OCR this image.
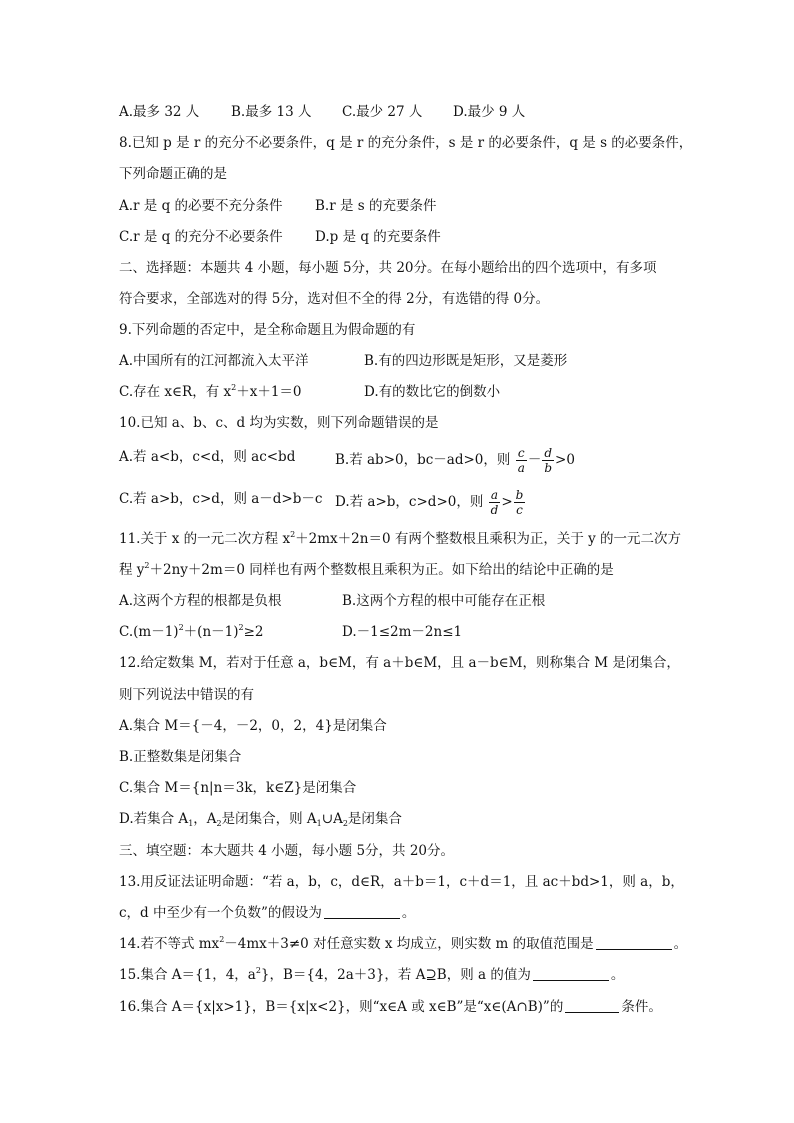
A.最多 32 人 B.最多 13 人 C.最少 27 人 D.最少 9 人
8.已知 p 是 r 的充分不必要条件，q 是 r 的充分条件，s 是 r 的必要条件，q 是 s 的必要条件，
下列命题正确的是
A.r 是 q 的必要不充分条件 B.r 是 s 的充要条件
C.r 是 q 的充分不必要条件 D.p 是 q 的充要条件
二、选择题：本题共 4 小题，每小题 5分，共 20分。在每小题给出的四个选项中，有多项
符合要求，全部选对的得 5分，选对但不全的得 2分，有选错的得 0分。
9.下列命题的否定中，是全称命题且为假命题的有
A.中国所有的江河都流入太平洋	B.有的四边形既是矩形，又是菱形
C.存在 x∈R，有 $x^2+x+1=0$	D.有的数比它的倒数小
10.已知 a、b、c、d 均为实数，则下列命题错误的是
A.若 a<b，c<d，则 ac<bd	B.若 ab>0，bc－ad>0，则 $\frac{c}{a} - \frac{d}{b} >0$
C.若 a>b，c>d，则 a－d>b－c D.若 a>b，c>d>0，则 $\frac{a}{d} > \frac{b}{c}$
11.关于 x 的一元二次方程 $x^2+2mx+2n=0$ 有两个整数根且乘积为正，关于 y 的一元二次方
程 $y^2+2ny+2m=0$ 同样也有两个整数根且乘积为正。如下给出的结论中正确的是
A.这两个方程的根都是负根	B.这两个方程的根中可能存在正根
$C.(m-1)^2+(n-1)^2\ge 2$	D.－1≤2m－2n≤1
12.给定数集 M，若对于任意 a，b∈M，有 a＋b∈M，且 a－b∈M，则称集合 M 是闭集合，
则下列说法中错误的有
A.集合 M＝{－4，－2，0，2，4}是闭集合
B.正整数集是闭集合
C.集合 M＝{n|n＝3k，k∈Z}是闭集合
D.若集合 $A_1$，$A_2$是闭集合，则 $A_1\cup A_2$是闭集合
三、填空题：本大题共 4 小题，每小题 5分，共 20分。
13.用反证法证明命题：“若 a，b，c，d∈R，a＋b＝1，c＋d＝1，且 ac＋bd>1，则 a，b，
c，d 中至少有一个负数”的假设为	。
14.若不等式 $mx^2-4mx+3\ne 0$ 对任意实数 x 均成立，则实数 m 的取值范围是	。
15.集合 A＝{1，4，$a^2$}，B＝{4，2a＋3}，若 A⊇B，则 a 的值为	。
16.集合 A＝{x|x>1}，B＝{x|x<2}，则“x∈A 或 x∈B”是“x∈(A∩B)”的	条件。
